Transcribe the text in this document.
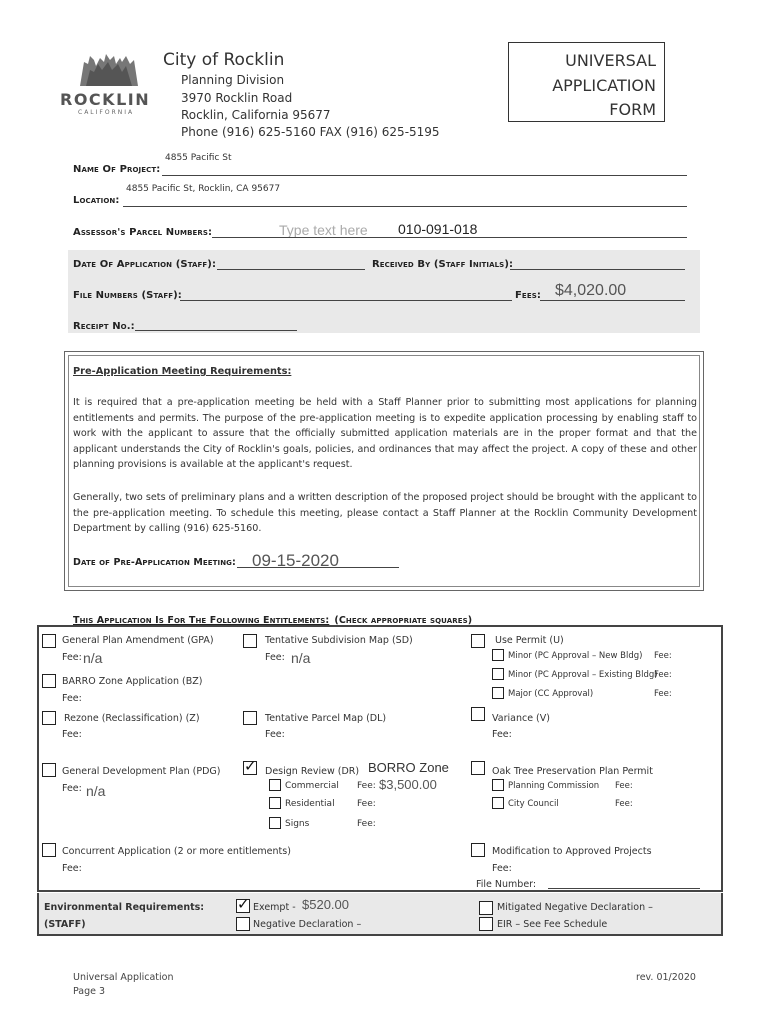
ROCKLIN
CALIFORNIA
City of Rocklin
Planning Division
3970 Rocklin Road
Rocklin, California 95677
Phone (916) 625-5160 FAX (916) 625-5195
UNIVERSAL
APPLICATION
FORM
4855 Pacific St
Name Of Project:
4855 Pacific St, Rocklin, CA 95677
Location:
Assessor's Parcel Numbers:	Type text here 010-091-018
Date Of Application (Staff):	Received By (Staff Initials):
File Numbers (Staff):	Fees: $4,020.00
Receipt No.:
Pre-Application Meeting Requirements:

It is required that a pre-application meeting be held with a Staff Planner prior to submitting most applications for planning entitlements and permits. The purpose of the pre-application meeting is to expedite application processing by enabling staff to work with the applicant to assure that the officially submitted application materials are in the proper format and that the applicant understands the City of Rocklin's goals, policies, and ordinances that may affect the project. A copy of these and other planning provisions is available at the applicant's request.

Generally, two sets of preliminary plans and a written description of the proposed project should be brought with the applicant to the pre-application meeting. To schedule this meeting, please contact a Staff Planner at the Rocklin Community Development Department by calling (916) 625-5160.

Date of Pre-Application Meeting: 09-15-2020
This Application Is For The Following Entitlements: (Check appropriate squares)
General Plan Amendment (GPA)
Fee: n/a
BARRO Zone Application (BZ)
Fee:
Rezone (Reclassification) (Z)
Fee:
General Development Plan (PDG)
Fee: n/a
Concurrent Application (2 or more entitlements)
Fee:
Tentative Subdivision Map (SD)
Fee: n/a
Tentative Parcel Map (DL)
Fee:
✓ Design Review (DR) BORRO Zone
Commercial Fee: $3,500.00
Residential Fee:
Signs	Fee:
Use Permit (U)
Minor (PC Approval – New Bldg) Fee:
Minor (PC Approval – Existing Bldg)
Fee:
Major (CC Approval)	Fee:
Variance (V)
Fee:
Oak Tree Preservation Plan Permit
Planning Commission Fee:
City Council	Fee:
Modification to Approved Projects
Fee:
File Number:
Environmental Requirements:
(STAFF)
✓ Exempt - $520.00
Negative Declaration –
Mitigated Negative Declaration –
EIR – See Fee Schedule
Universal Application
Page 3
rev. 01/2020
